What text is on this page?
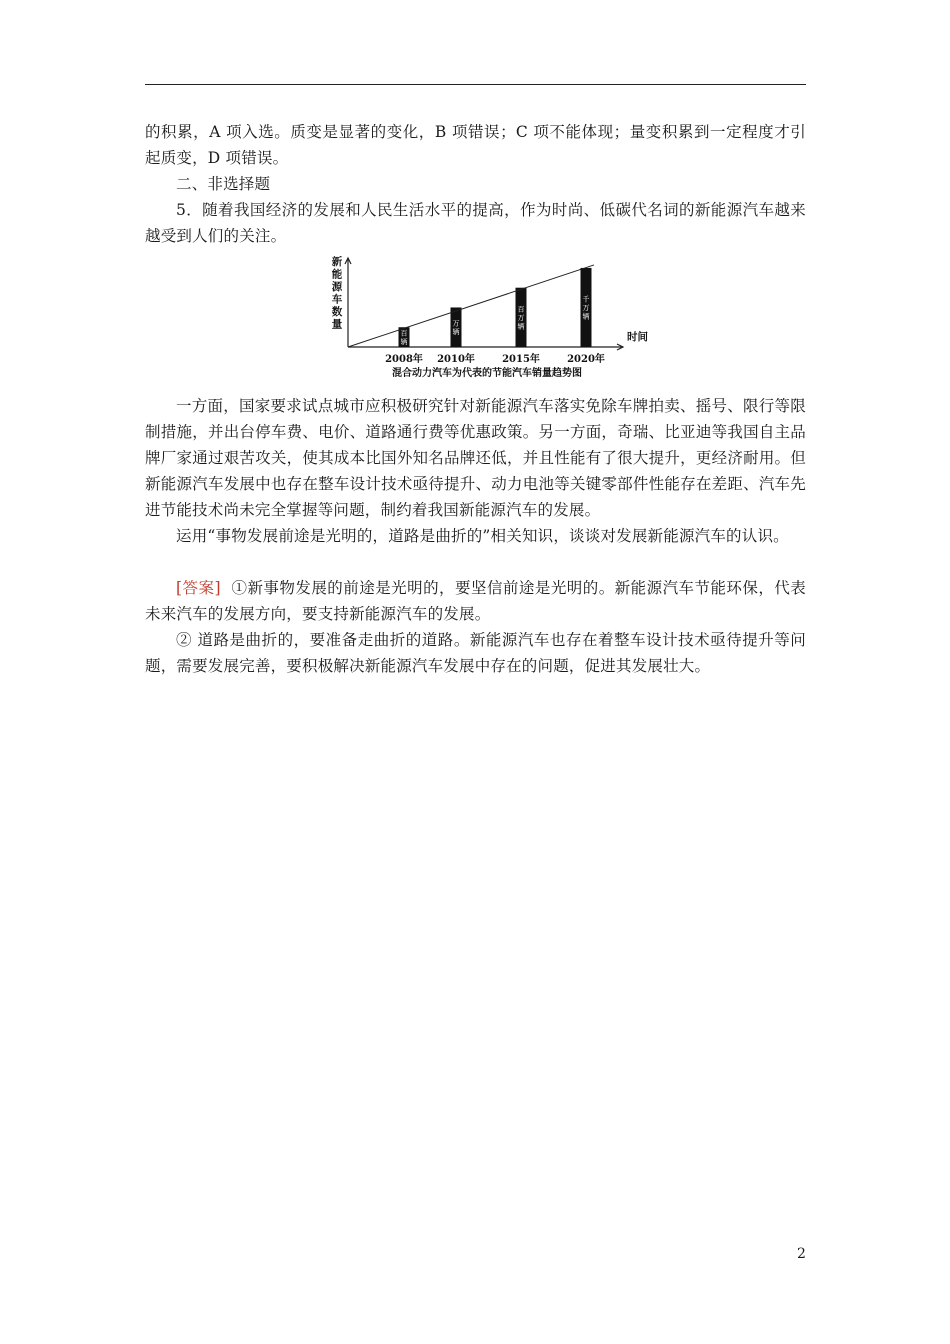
的积累，A 项入选。质变是显著的变化，B 项错误；C 项不能体现；量变积累到一定程度才引起质变，D 项错误。

二、非选择题

5．随着我国经济的发展和人民生活水平的提高，作为时尚、低碳代名词的新能源汽车越来越受到人们的关注。

新
能
源
车
数
量
时间
百
辆
2008年
万
辆
2010年
百
万
辆
2015年
千
万
辆
2020年
混合动力汽车为代表的节能汽车销量趋势图

一方面，国家要求试点城市应积极研究针对新能源汽车落实免除车牌拍卖、摇号、限行等限制措施，并出台停车费、电价、道路通行费等优惠政策。另一方面，奇瑞、比亚迪等我国自主品牌厂家通过艰苦攻关，使其成本比国外知名品牌还低，并且性能有了很大提升，更经济耐用。但新能源汽车发展中也存在整车设计技术亟待提升、动力电池等关键零部件性能存在差距、汽车先进节能技术尚未完全掌握等问题，制约着我国新能源汽车的发展。

运用“事物发展前途是光明的，道路是曲折的”相关知识，谈谈对发展新能源汽车的认识。

[答案] ①新事物发展的前途是光明的，要坚信前途是光明的。新能源汽车节能环保，代表未来汽车的发展方向，要支持新能源汽车的发展。

② 道路是曲折的，要准备走曲折的道路。新能源汽车也存在着整车设计技术亟待提升等问题，需要发展完善，要积极解决新能源汽车发展中存在的问题，促进其发展壮大。

2
